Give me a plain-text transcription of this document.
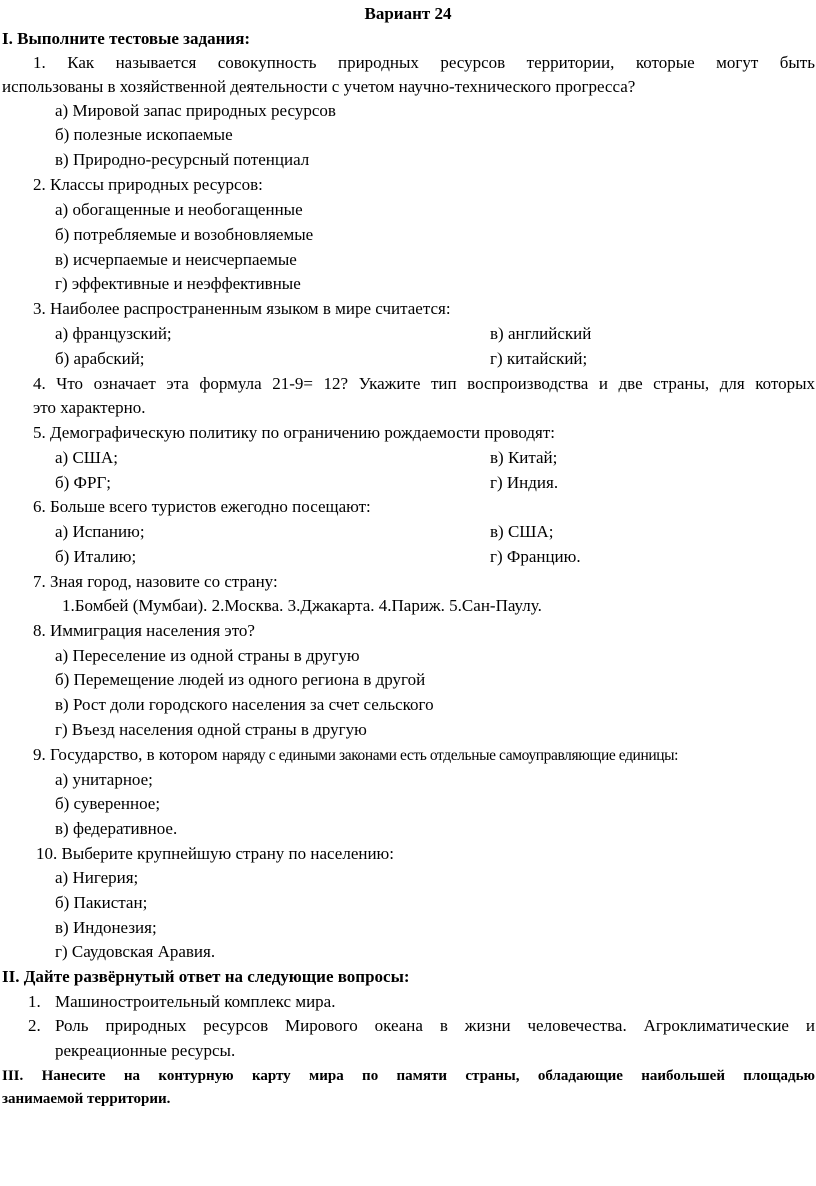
Вариант 24
I. Выполните тестовые задания:
1. Как называется совокупность природных ресурсов территории, которые могут быть
использованы в хозяйственной деятельности с учетом научно-технического прогресса?
а) Мировой запас природных ресурсов
б) полезные ископаемые
в) Природно-ресурсный потенциал
2. Классы природных ресурсов:
а) обогащенные и необогащенные
б) потребляемые и возобновляемые
в) исчерпаемые и неисчерпаемые
г) эффективные и неэффективные
3. Наиболее распространенным языком в мире считается:
а) французский;	в) английский
б) арабский;	г) китайский;
4. Что означает эта формула 21-9= 12? Укажите тип воспроизводства и две страны, для которых
это характерно.
5. Демографическую политику по ограничению рождаемости проводят:
а) США;	в) Китай;
б) ФРГ;	г) Индия.
6. Больше всего туристов ежегодно посещают:
а) Испанию;	в) США;
б) Италию;	г) Францию.
7. Зная город, назовите со страну:
1.Бомбей (Мумбаи). 2.Москва. 3.Джакарта. 4.Париж. 5.Сан-Паулу.
8. Иммиграция населения это?
а) Переселение из одной страны в другую
б) Перемещение людей из одного региона в другой
в) Рост доли городского населения за счет сельского
г) Въезд населения одной страны в другую
9. Государство, в котором наряду с едиными законами есть отдельные самоуправляющие единицы:
а) унитарное;
б) суверенное;
в) федеративное.
10. Выберите крупнейшую страну по населению:
а) Нигерия;
б) Пакистан;
в) Индонезия;
г) Саудовская Аравия.
II. Дайте развёрнутый ответ на следующие вопросы:
1. Машиностроительный комплекс мира.
2. Роль природных ресурсов Мирового океана в жизни человечества. Агроклиматические и
рекреационные ресурсы.
III. Нанесите на контурную карту мира по памяти страны, обладающие наибольшей площадью
занимаемой территории.
